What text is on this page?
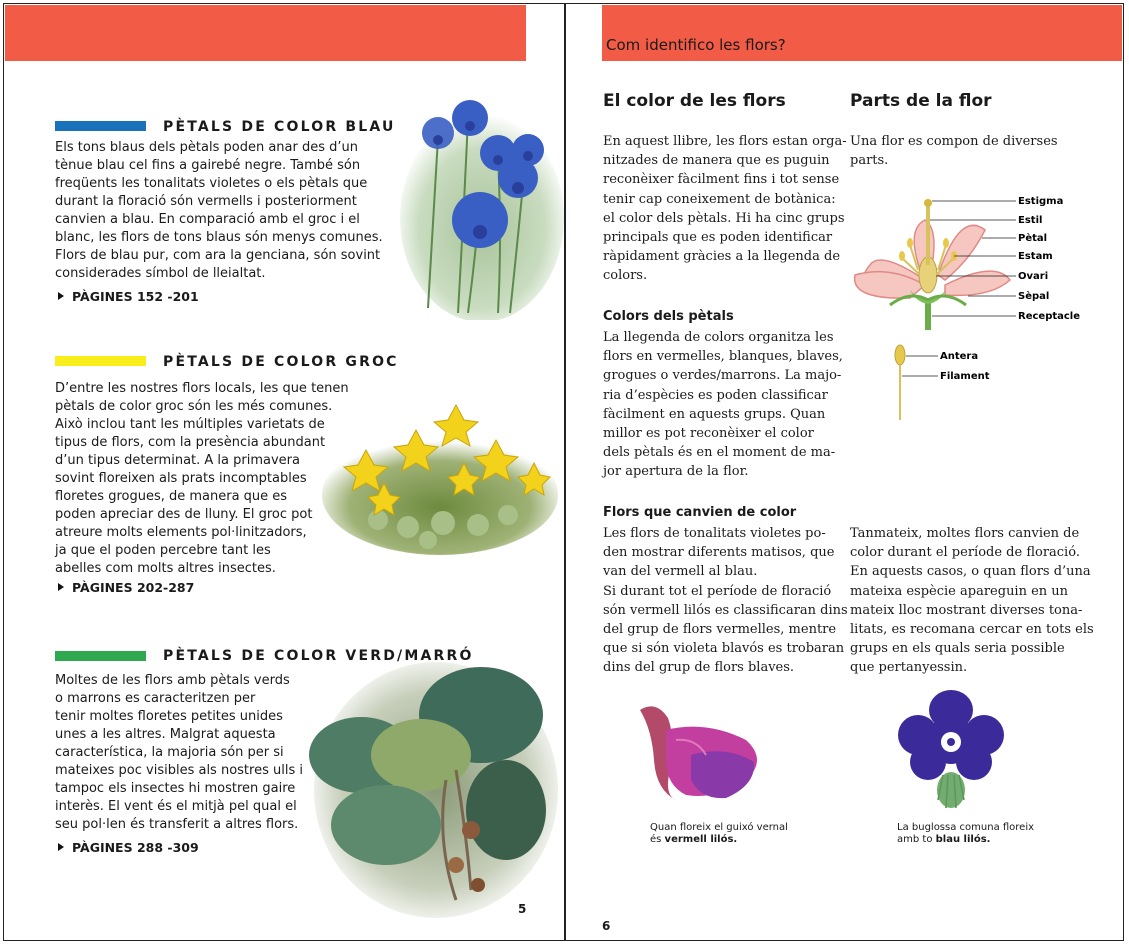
Com identifico les flors?
PÈTALS DE COLOR BLAU
Els tons blaus dels pètals poden anar des d’un
tènue blau cel fins a gairebé negre. També són
freqüents les tonalitats violetes o els pètals que
durant la floració són vermells i posteriorment
canvien a blau. En comparació amb el groc i el
blanc, les flors de tons blaus són menys comunes.
Flors de blau pur, com ara la genciana, són sovint
considerades símbol de lleialtat.
PÀGINES 152 -201
PÈTALS DE COLOR GROC
D’entre les nostres flors locals, les que tenen
pètals de color groc són les més comunes.
Això inclou tant les múltiples varietats de
tipus de flors, com la presència abundant
d’un tipus determinat. A la primavera
sovint floreixen als prats incomptables
floretes grogues, de manera que es
poden apreciar des de lluny. El groc pot
atreure molts elements pol·linitzadors,
ja que el poden percebre tant les
abelles com molts altres insectes.
PÀGINES 202-287
PÈTALS DE COLOR VERD/MARRÓ
Moltes de les flors amb pètals verds
o marrons es caracteritzen per
tenir moltes floretes petites unides
unes a les altres. Malgrat aquesta
característica, la majoria són per si
mateixes poc visibles als nostres ulls i
tampoc els insectes hi mostren gaire
interès. El vent és el mitjà pel qual el
seu pol·len és transferit a altres flors.
PÀGINES 288 -309
5
El color de les flors
En aquest llibre, les flors estan orga-
nitzades de manera que es puguin
reconèixer fàcilment fins i tot sense
tenir cap coneixement de botànica:
el color dels pètals. Hi ha cinc grups
principals que es poden identificar
ràpidament gràcies a la llegenda de
colors.
Colors dels pètals
La llegenda de colors organitza les
flors en vermelles, blanques, blaves,
grogues o verdes/marrons. La majo-
ria d’espècies es poden classificar
fàcilment en aquests grups. Quan
millor es pot reconèixer el color
dels pètals és en el moment de ma-
jor apertura de la flor.
Flors que canvien de color
Les flors de tonalitats violetes po-
den mostrar diferents matisos, que
van del vermell al blau.
Si durant tot el període de floració
són vermell lilós es classificaran dins
del grup de flors vermelles, mentre
que si són violeta blavós es trobaran
dins del grup de flors blaves.
Quan floreix el guixó vernal
és vermell lilós.
Parts de la flor
Una flor es compon de diverses
parts.
Estigma
Estil
Pètal
Estam
Ovari
Sèpal
Receptacle
Antera
Filament
Tanmateix, moltes flors canvien de
color durant el període de floració.
En aquests casos, o quan flors d’una
mateixa espècie apareguin en un
mateix lloc mostrant diverses tona-
litats, es recomana cercar en tots els
grups en els quals seria possible
que pertanyessin.
La buglossa comuna floreix
amb to blau lilós.
6
